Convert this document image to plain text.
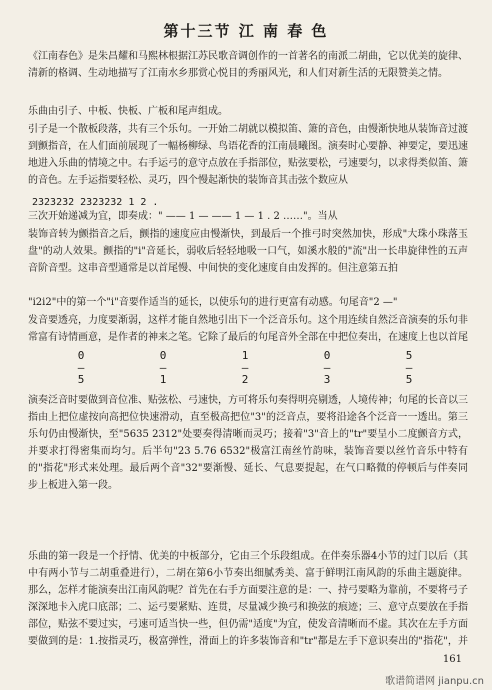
第十三节 江 南 春 色

《江南春色》是朱昌耀和马熙林根据江苏民歌音调创作的一首著名的南派二胡曲，它以优美的旋律、清新的格调、生动地描写了江南水乡那赏心悦目的秀丽风光，和人们对新生活的无限赞美之情。

乐曲由引子、中板、快板、广板和尾声组成。

引子是一个散板段落，共有三个乐句。一开始二胡就以模拟笛、箫的音色，由慢渐快地从装饰音过渡到颤指音，在人们面前展现了一幅杨柳绿、鸟语花香的江南晨曦图。演奏时心要静、神要定，要迅速地进入乐曲的情境之中。右手运弓的意守点放在手指部位，贴弦要松，弓速要匀，以求得类似笛、箫的音色。左手运指要轻松、灵巧，四个慢起渐快的装饰音其击弦个数应从

2323232 2323232 1 2 .
三次开始递减为宜，即奏成：" —— 1 — —— 1 — 1 . 2 ……"。当从

装饰音转为颤指音之后，颤指的速度应由慢渐快，到最后一个推弓时突然加快，形成"大珠小珠落玉盘"的动人效果。颤指的"i"音延长，弱收后轻轻地吸一口气，如溪水般的"流"出一长串旋律性的五声音阶音型。这串音型通常是以首尾慢、中间快的变化速度自由发挥的。但注意第五拍

"i2i2"中的第一个"i"音要作适当的延长，以使乐句的进行更富有动感。句尾音"2 —"

发音要透亮，力度要渐弱，这样才能自然地引出下一个泛音乐句。这个用连续自然泛音演奏的乐句非常富有诗情画意，是作者的神来之笔。它除了最后的句尾音外全部在中把位奏出，在速度上也以首尾

0
—
5
0
—
1
1
—
2
0
—
3
5
—
5

演奏泛音时要做到音位准、贴弦松、弓速快，方可将乐句奏得明亮剔透，人境传神；句尾的长音以三指由上把位虚按向高把位快速滑动，直至极高把位"3"的泛音点，要将沿途各个泛音一一透出。第三乐句仍由慢渐快，至"5635 2312"处要奏得清晰而灵巧；接着"3"音上的"tr"要呈小二度颤音方式，并要求打得密集而均匀。后半句"23 5.76 6532"极富江南丝竹韵味，装饰音要以丝竹音乐中特有的"指花"形式来处理。最后两个音"32"要渐慢、延长、气息要提起，在气口略微的停顿后与伴奏同步上板进入第一段。

乐曲的第一段是一个抒情、优美的中板部分，它由三个乐段组成。在伴奏乐器4小节的过门以后（其中有两小节与二胡重叠进行），二胡在第6小节奏出细腻秀美、富于鲜明江南风韵的乐曲主题旋律。那么，怎样才能演奏出江南风韵呢？首先在右手方面要注意的是：一、持弓要略为靠前，不要将弓子深深地卡入虎口底部；二、运弓要紧贴、连贯，尽量减少换弓和换弦的痕迹；三、意守点要放在手指部位，贴弦不要过实，弓速可适当快一些，但仍需"适度"为宜，使发音清晰而不虚。其次在左手方面要做到的是：1.按指灵巧，极富弹性，滑面上的许多装饰音和"tr"都是左手下意识奏出的"指花"，并

161
歌谱简谱网 jianpu.cn
